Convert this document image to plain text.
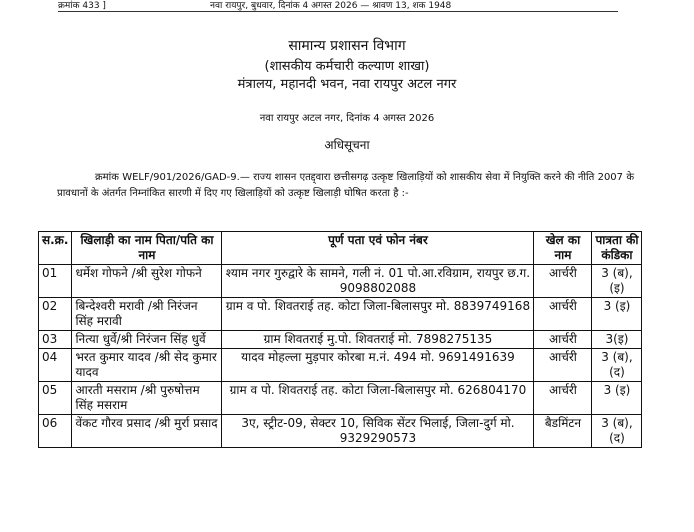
क्रमांक 433 ]	नवा रायपुर, बुधवार, दिनांक 4 अगस्त 2026 — श्रावण 13, शक 1948
सामान्य प्रशासन विभाग
(शासकीय कर्मचारी कल्याण शाखा)
मंत्रालय, महानदी भवन, नवा रायपुर अटल नगर
नवा रायपुर अटल नगर, दिनांक 4 अगस्त 2026
अधिसूचना
क्रमांक WELF/901/2026/GAD-9.— राज्य शासन एतद्द्वारा छत्तीसगढ़ उत्कृष्ट खिलाड़ियों को शासकीय सेवा में नियुक्ति करने की नीति 2007 के प्रावधानों के अंतर्गत निम्नांकित सारणी में दिए गए खिलाड़ियों को उत्कृष्ट खिलाड़ी घोषित करता है :-
स.क्र.	खिलाड़ी का नाम पिता/पति का नाम	पूर्ण पता एवं फोन नंबर	खेल का नाम	पात्रता की कंडिका
01	धर्मेश गोफने /श्री सुरेश गोफने	श्याम नगर गुरुद्वारे के सामने, गली नं. 01 पो.आ.रविग्राम, रायपुर छ.ग. 9098802088	आर्चरी	3 (ब), (इ)
02	बिन्देश्वरी मरावी /श्री निरंजन सिंह मरावी	ग्राम व पो. शिवतराई तह. कोटा जिला-बिलासपुर मो. 8839749168	आर्चरी	3 (इ)
03	नित्या धुर्वे/श्री निरंजन सिंह धुर्वे	ग्राम शिवतराई मु.पो. शिवतराई मो. 7898275135	आर्चरी	3(इ)
04	भरत कुमार यादव /श्री सेद कुमार यादव	यादव मोहल्ला मुड़पार कोरबा म.नं. 494 मो. 9691491639	आर्चरी	3 (ब), (द)
05	आरती मसराम /श्री पुरुषोत्तम सिंह मसराम	ग्राम व पो. शिवतराई तह. कोटा जिला-बिलासपुर मो. 626804170	आर्चरी	3 (इ)
06	वेंकट गौरव प्रसाद /श्री मुर्रा प्रसाद	3ए, स्ट्रीट-09, सेक्टर 10, सिविक सेंटर भिलाई, जिला-दुर्ग मो. 9329290573	बैडमिंटन	3 (ब), (द)
